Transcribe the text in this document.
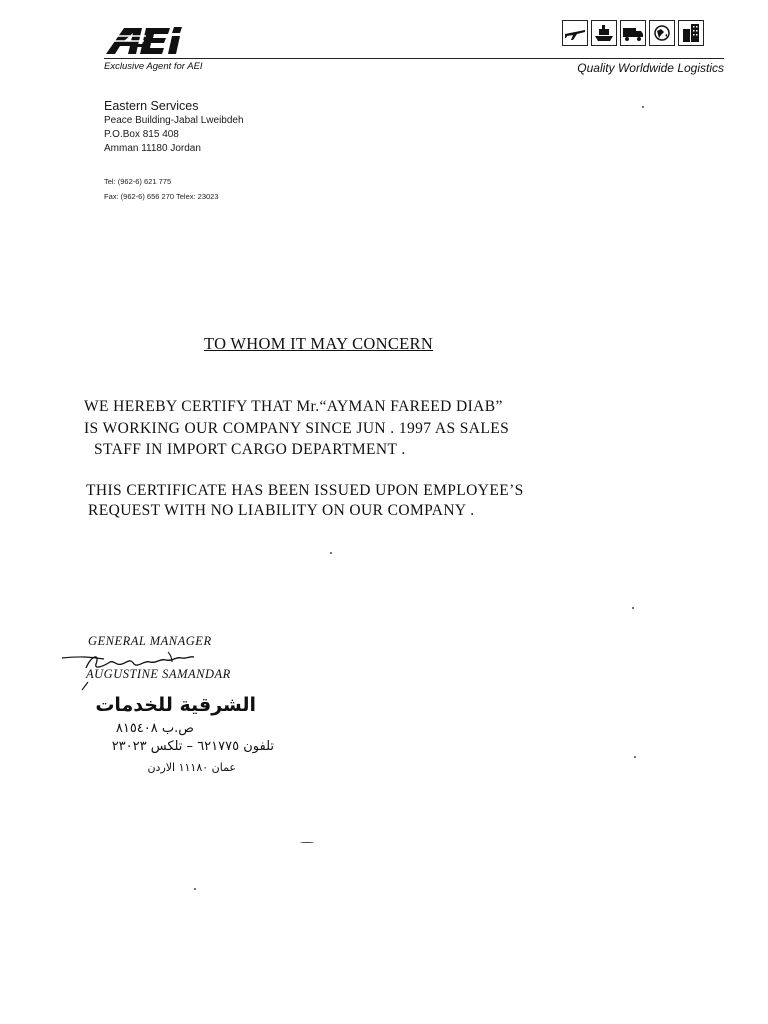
Exclusive Agent for AEI	Quality Worldwide Logistics
Eastern Services
Peace Building-Jabal Lweibdeh
P.O.Box 815 408
Amman 11180 Jordan
Tel: (962-6) 621 775
Fax: (962-6) 656 270 Telex: 23023
TO WHOM IT MAY CONCERN
WE HEREBY CERTIFY THAT Mr.“AYMAN FAREED DIAB”
IS WORKING OUR COMPANY SINCE JUN . 1997 AS SALES
STAFF IN IMPORT CARGO DEPARTMENT .
THIS CERTIFICATE HAS BEEN ISSUED UPON EMPLOYEE’S
REQUEST WITH NO LIABILITY ON OUR COMPANY .
GENERAL MANAGER
AUGUSTINE SAMANDAR
الشرقية للخدمات
ص.ب ٨١٥٤٠٨
تلفون ٦٢١٧٧٥ – تلكس ٢٣٠٢٣
عمان ١١١٨٠ الاردن
